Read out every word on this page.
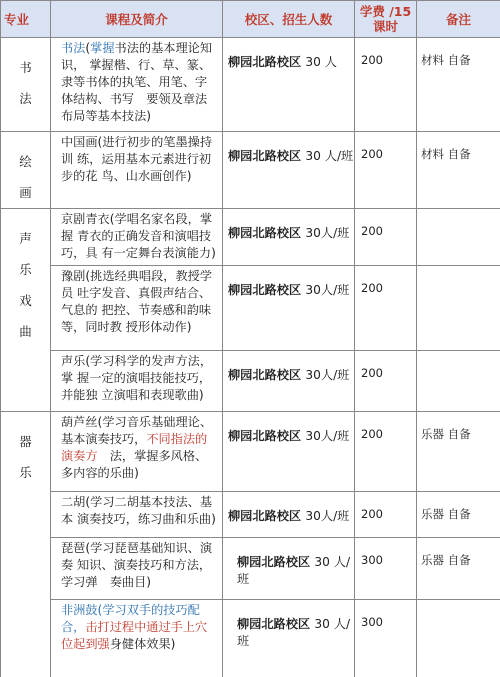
专业	课程及简介	校区、招生人数	学费 /15 课时	备注

书
法	书法(掌握书法的基本理论知识， 掌握楷、行、草、篆、隶等书体的执笔、用笔、字体结构、书写　要领及章法布局等基本技法)	柳园北路校区 30 人	200	材料 自备

绘
画	中国画(进行初步的笔墨操持训 练，运用基本元素进行初步的花 鸟、山水画创作)	柳园北路校区 30 人/班	200	材料 自备

声
乐
戏
曲	京剧青衣(学唱名家名段，掌握 青衣的正确发音和演唱技巧，具 有一定舞台表演能力)	柳园北路校区 30人/班	200	
	豫剧(挑选经典唱段，教授学员 吐字发音、真假声结合、气息的 把控、节奏感和韵味等，同时教 授形体动作)	柳园北路校区 30人/班	200	
	声乐(学习科学的发声方法，掌 握一定的演唱技能技巧，并能独 立演唱和表现歌曲)	柳园北路校区 30人/班	200	

器
乐	葫芦丝(学习音乐基础理论、基本演奏技巧，不同指法的演奏方　法，掌握多风格、多内容的乐曲)	柳园北路校区 30人/班	200	乐器 自备
	二胡(学习二胡基本技法、基本 演奏技巧，练习曲和乐曲)	柳园北路校区 30人/班	200	乐器 自备
	琵琶(学习琵琶基础知识、演奏 知识、演奏技巧和方法，学习弹　奏曲目)	柳园北路校区 30 人/班	300	乐器 自备
	非洲鼓(学习双手的技巧配合，击打过程中通过手上穴位起到强身健体效果)	柳园北路校区 30 人/班	300	
